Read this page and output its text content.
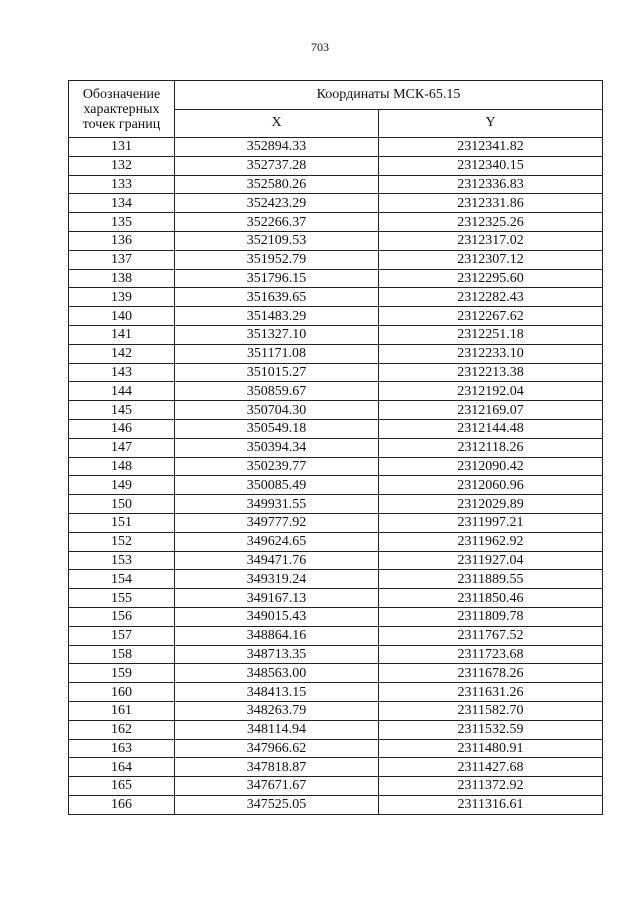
703
Обозначение характерных точек границ	Координаты МСК-65.15	
	X	Y
131	352894.33	2312341.82
132	352737.28	2312340.15
133	352580.26	2312336.83
134	352423.29	2312331.86
135	352266.37	2312325.26
136	352109.53	2312317.02
137	351952.79	2312307.12
138	351796.15	2312295.60
139	351639.65	2312282.43
140	351483.29	2312267.62
141	351327.10	2312251.18
142	351171.08	2312233.10
143	351015.27	2312213.38
144	350859.67	2312192.04
145	350704.30	2312169.07
146	350549.18	2312144.48
147	350394.34	2312118.26
148	350239.77	2312090.42
149	350085.49	2312060.96
150	349931.55	2312029.89
151	349777.92	2311997.21
152	349624.65	2311962.92
153	349471.76	2311927.04
154	349319.24	2311889.55
155	349167.13	2311850.46
156	349015.43	2311809.78
157	348864.16	2311767.52
158	348713.35	2311723.68
159	348563.00	2311678.26
160	348413.15	2311631.26
161	348263.79	2311582.70
162	348114.94	2311532.59
163	347966.62	2311480.91
164	347818.87	2311427.68
165	347671.67	2311372.92
166	347525.05	2311316.61
